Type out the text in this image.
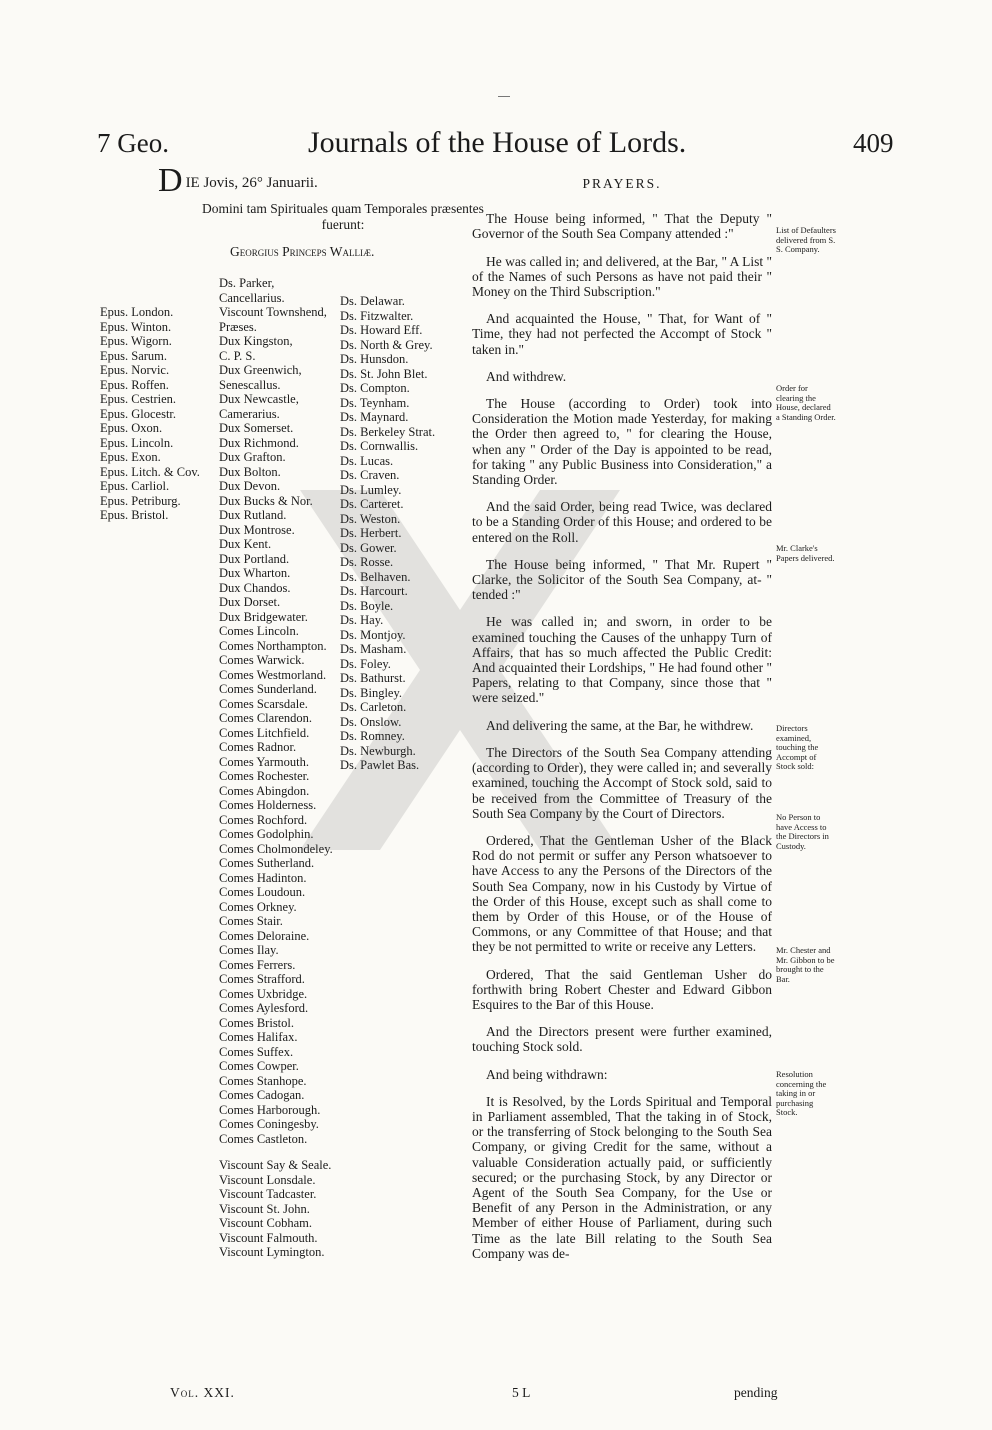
7 Geo.	Journals of the House of Lords.	409
DIE Jovis, 26° Januarii.
Domini tam Spirituales quam Temporales præsentes fuerunt:
Georgius Princeps Walliæ.
Epus. London.
Epus. Winton.
Epus. Wigorn.
Epus. Sarum.
Epus. Norvic.
Epus. Roffen.
Epus. Cestrien.
Epus. Glocestr.
Epus. Oxon.
Epus. Lincoln.
Epus. Exon.
Epus. Litch. & Cov.
Epus. Carliol.
Epus. Petriburg.
Epus. Bristol.
Ds. Parker,
Cancellarius.
Viscount Townshend,
Præses.
Dux Kingston,
C. P. S.
Dux Greenwich,
Senescallus.
Dux Newcastle,
Camerarius.
Dux Somerset.
Dux Richmond.
Dux Grafton.
Dux Bolton.
Dux Devon.
Dux Bucks & Nor.
Dux Rutland.
Dux Montrose.
Dux Kent.
Dux Portland.
Dux Wharton.
Dux Chandos.
Dux Dorset.
Dux Bridgewater.
Comes Lincoln.
Comes Northampton.
Comes Warwick.
Comes Westmorland.
Comes Sunderland.
Comes Scarsdale.
Comes Clarendon.
Comes Litchfield.
Comes Radnor.
Comes Yarmouth.
Comes Rochester.
Comes Abingdon.
Comes Holderness.
Comes Rochford.
Comes Godolphin.
Comes Cholmondeley.
Comes Sutherland.
Comes Hadinton.
Comes Loudoun.
Comes Orkney.
Comes Stair.
Comes Deloraine.
Comes Ilay.
Comes Ferrers.
Comes Strafford.
Comes Uxbridge.
Comes Aylesford.
Comes Bristol.
Comes Halifax.
Comes Suffex.
Comes Cowper.
Comes Stanhope.
Comes Cadogan.
Comes Harborough.
Comes Coningesby.
Comes Castleton.
Viscount Say & Seale.
Viscount Lonsdale.
Viscount Tadcaster.
Viscount St. John.
Viscount Cobham.
Viscount Falmouth.
Viscount Lymington.
Ds. Delawar.
Ds. Fitzwalter.
Ds. Howard Eff.
Ds. North & Grey.
Ds. Hunsdon.
Ds. St. John Blet.
Ds. Compton.
Ds. Teynham.
Ds. Maynard.
Ds. Berkeley Strat.
Ds. Cornwallis.
Ds. Lucas.
Ds. Craven.
Ds. Lumley.
Ds. Carteret.
Ds. Weston.
Ds. Herbert.
Ds. Gower.
Ds. Rosse.
Ds. Belhaven.
Ds. Harcourt.
Ds. Boyle.
Ds. Hay.
Ds. Montjoy.
Ds. Masham.
Ds. Foley.
Ds. Bathurst.
Ds. Bingley.
Ds. Carleton.
Ds. Onslow.
Ds. Romney.
Ds. Newburgh.
Ds. Pawlet Bas.
PRAYERS.
The House being informed, " That the Deputy " Governor of the South Sea Company attended :"
He was called in; and delivered, at the Bar, " A List " of the Names of such Persons as have not paid their " Money on the Third Subscription."
And acquainted the House, " That, for Want of " Time, they had not perfected the Accompt of Stock " taken in."
And withdrew.
The House (according to Order) took into Consideration the Motion made Yesterday, for making the Order then agreed to, " for clearing the House, when any " Order of the Day is appointed to be read, for taking " any Public Business into Consideration," a Standing Order.
And the said Order, being read Twice, was declared to be a Standing Order of this House; and ordered to be entered on the Roll.
The House being informed, " That Mr. Rupert " Clarke, the Solicitor of the South Sea Company, at- " tended :"
He was called in; and sworn, in order to be examined touching the Causes of the unhappy Turn of Affairs, that has so much affected the Public Credit: And acquainted their Lordships, " He had found other " Papers, relating to that Company, since those that " were seized."
And delivering the same, at the Bar, he withdrew.
The Directors of the South Sea Company attending (according to Order), they were called in; and severally examined, touching the Accompt of Stock sold, said to be received from the Committee of Treasury of the South Sea Company by the Court of Directors.
Ordered, That the Gentleman Usher of the Black Rod do not permit or suffer any Person whatsoever to have Access to any the Persons of the Directors of the South Sea Company, now in his Custody by Virtue of the Order of this House, except such as shall come to them by Order of this House, or of the House of Commons, or any Committee of that House; and that they be not permitted to write or receive any Letters.
Ordered, That the said Gentleman Usher do forthwith bring Robert Chester and Edward Gibbon Esquires to the Bar of this House.
And the Directors present were further examined, touching Stock sold.
And being withdrawn:
It is Resolved, by the Lords Spiritual and Temporal in Parliament assembled, That the taking in of Stock, or the transferring of Stock belonging to the South Sea Company, or giving Credit for the same, without a valuable Consideration actually paid, or sufficiently secured; or the purchasing Stock, by any Director or Agent of the South Sea Company, for the Use or Benefit of any Person in the Administration, or any Member of either House of Parliament, during such Time as the late Bill relating to the South Sea Company was de-
List of Defaulters delivered from S. S. Company.
Order for clearing the House, declared a Standing Order.
Mr. Clarke's Papers delivered.
Directors examined, touching the Accompt of Stock sold:
No Person to have Access to the Directors in Custody.
Mr. Chester and Mr. Gibbon to be brought to the Bar.
Resolution concerning the taking in or purchasing Stock.
Vol. XXI.	5 L	pending
